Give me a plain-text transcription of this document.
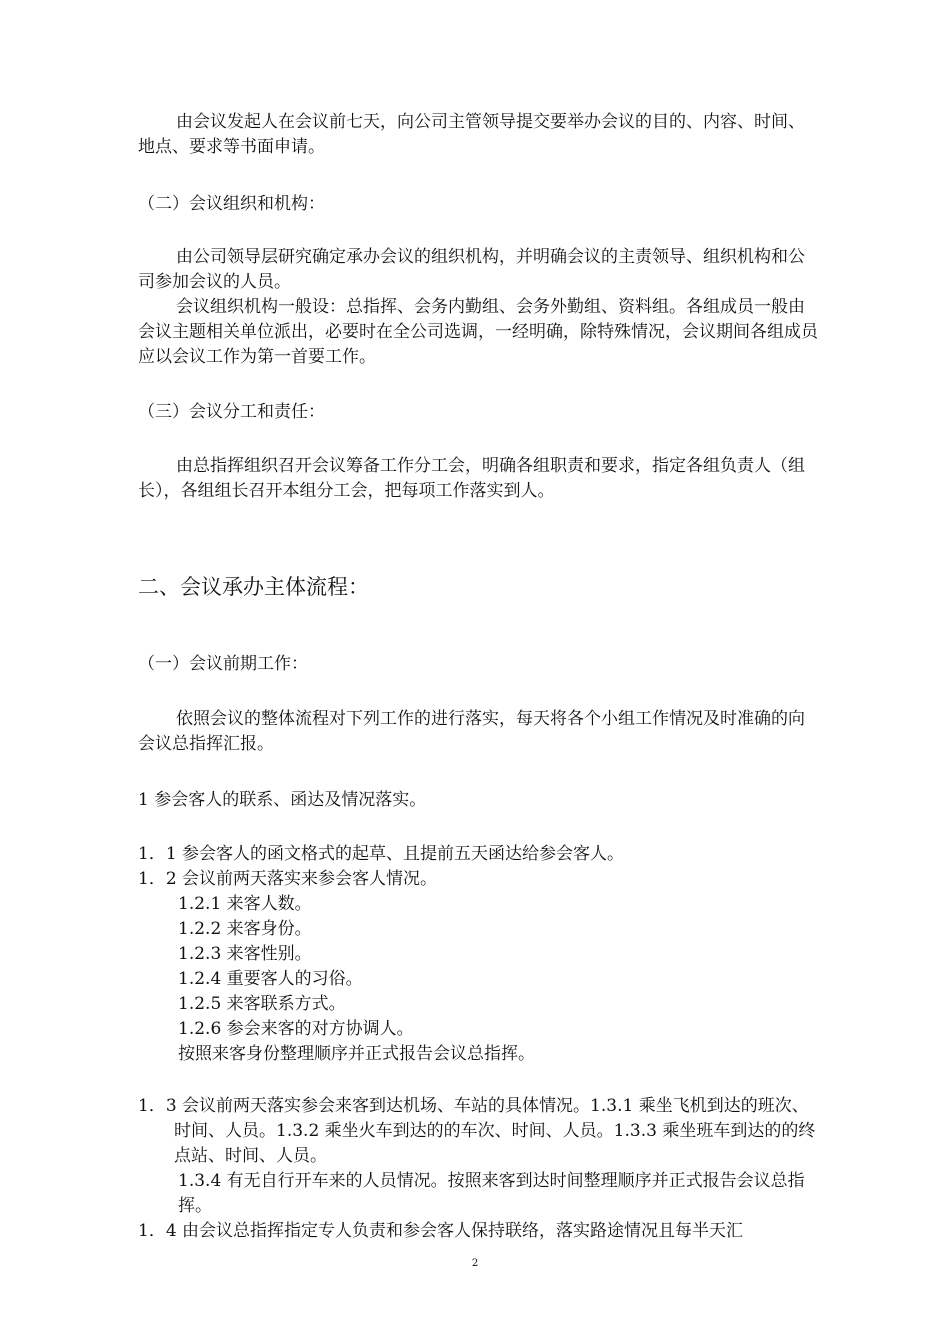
由会议发起人在会议前七天，向公司主管领导提交要举办会议的目的、内容、时间、地点、要求等书面申请。

（二）会议组织和机构：

由公司领导层研究确定承办会议的组织机构，并明确会议的主责领导、组织机构和公司参加会议的人员。

会议组织机构一般设：总指挥、会务内勤组、会务外勤组、资料组。各组成员一般由会议主题相关单位派出，必要时在全公司选调，一经明确，除特殊情况，会议期间各组成员应以会议工作为第一首要工作。

（三）会议分工和责任：

由总指挥组织召开会议筹备工作分工会，明确各组职责和要求，指定各组负责人（组长），各组组长召开本组分工会，把每项工作落实到人。

二、会议承办主体流程：

（一）会议前期工作：

依照会议的整体流程对下列工作的进行落实，每天将各个小组工作情况及时准确的向会议总指挥汇报。

1 参会客人的联系、函达及情况落实。

1．1 参会客人的函文格式的起草、且提前五天函达给参会客人。

1．2 会议前两天落实来参会客人情况。

1.2.1 来客人数。

1.2.2 来客身份。

1.2.3 来客性别。

1.2.4 重要客人的习俗。

1.2.5 来客联系方式。

1.2.6 参会来客的对方协调人。

按照来客身份整理顺序并正式报告会议总指挥。

1．3 会议前两天落实参会来客到达机场、车站的具体情况。1.3.1 乘坐飞机到达的班次、时间、人员。1.3.2 乘坐火车到达的的车次、时间、人员。1.3.3 乘坐班车到达的的终点站、时间、人员。

1.3.4 有无自行开车来的人员情况。按照来客到达时间整理顺序并正式报告会议总指挥。

1．4 由会议总指挥指定专人负责和参会客人保持联络，落实路途情况且每半天汇

2
